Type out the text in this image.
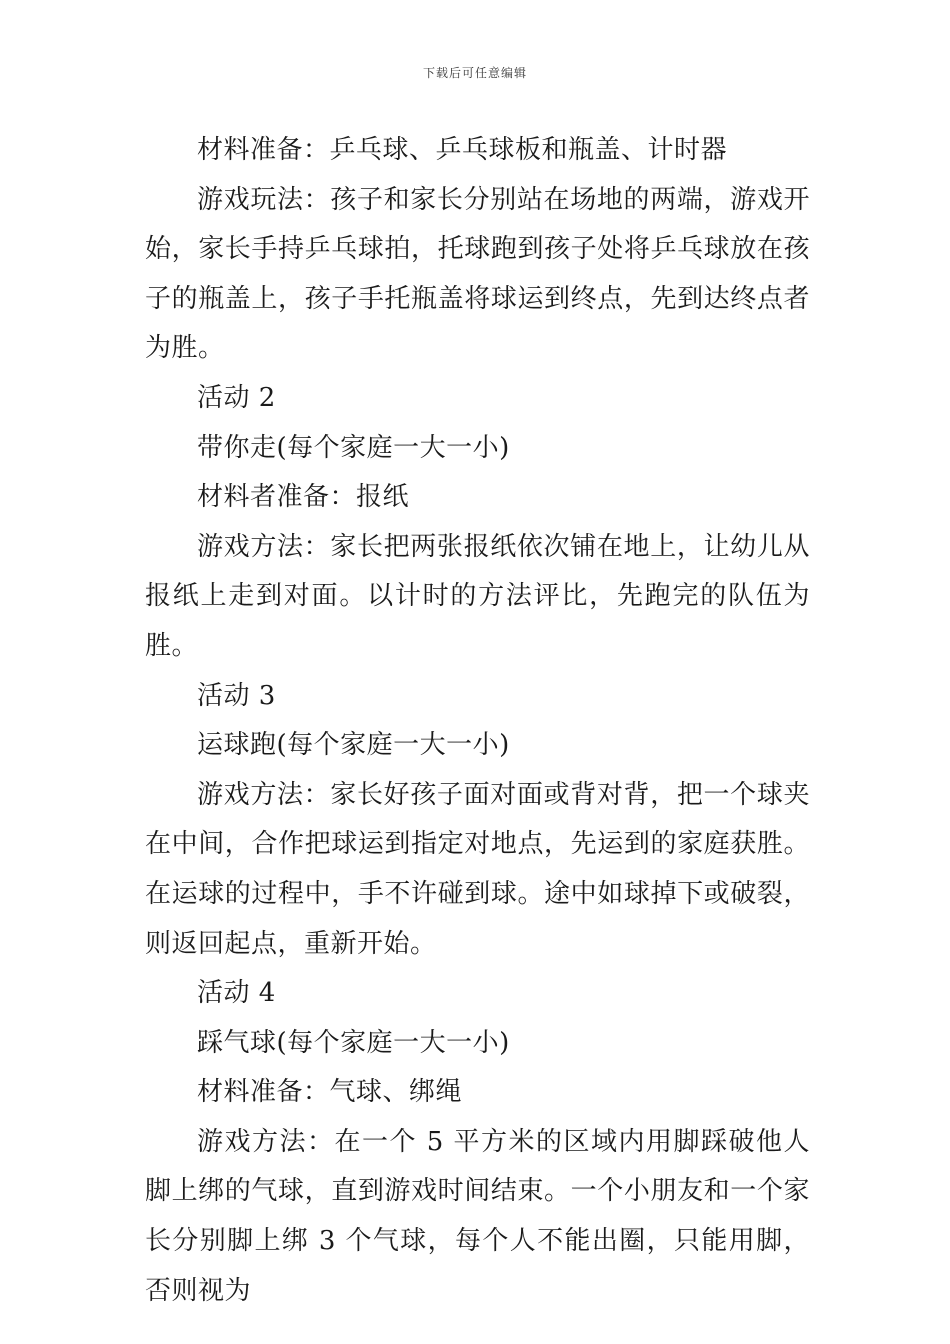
下载后可任意编辑

材料准备：乒乓球、乒乓球板和瓶盖、计时器

游戏玩法：孩子和家长分别站在场地的两端，游戏开始，家长手持乒乓球拍，托球跑到孩子处将乒乓球放在孩子的瓶盖上，孩子手托瓶盖将球运到终点，先到达终点者为胜。

活动 2

带你走(每个家庭一大一小)

材料者准备：报纸

游戏方法：家长把两张报纸依次铺在地上，让幼儿从报纸上走到对面。以计时的方法评比，先跑完的队伍为胜。

活动 3

运球跑(每个家庭一大一小)

游戏方法：家长好孩子面对面或背对背，把一个球夹在中间，合作把球运到指定对地点，先运到的家庭获胜。在运球的过程中，手不许碰到球。途中如球掉下或破裂，则返回起点，重新开始。

活动 4

踩气球(每个家庭一大一小)

材料准备：气球、绑绳

游戏方法：在一个 5 平方米的区域内用脚踩破他人脚上绑的气球，直到游戏时间结束。一个小朋友和一个家长分别脚上绑 3 个气球，每个人不能出圈，只能用脚，否则视为
